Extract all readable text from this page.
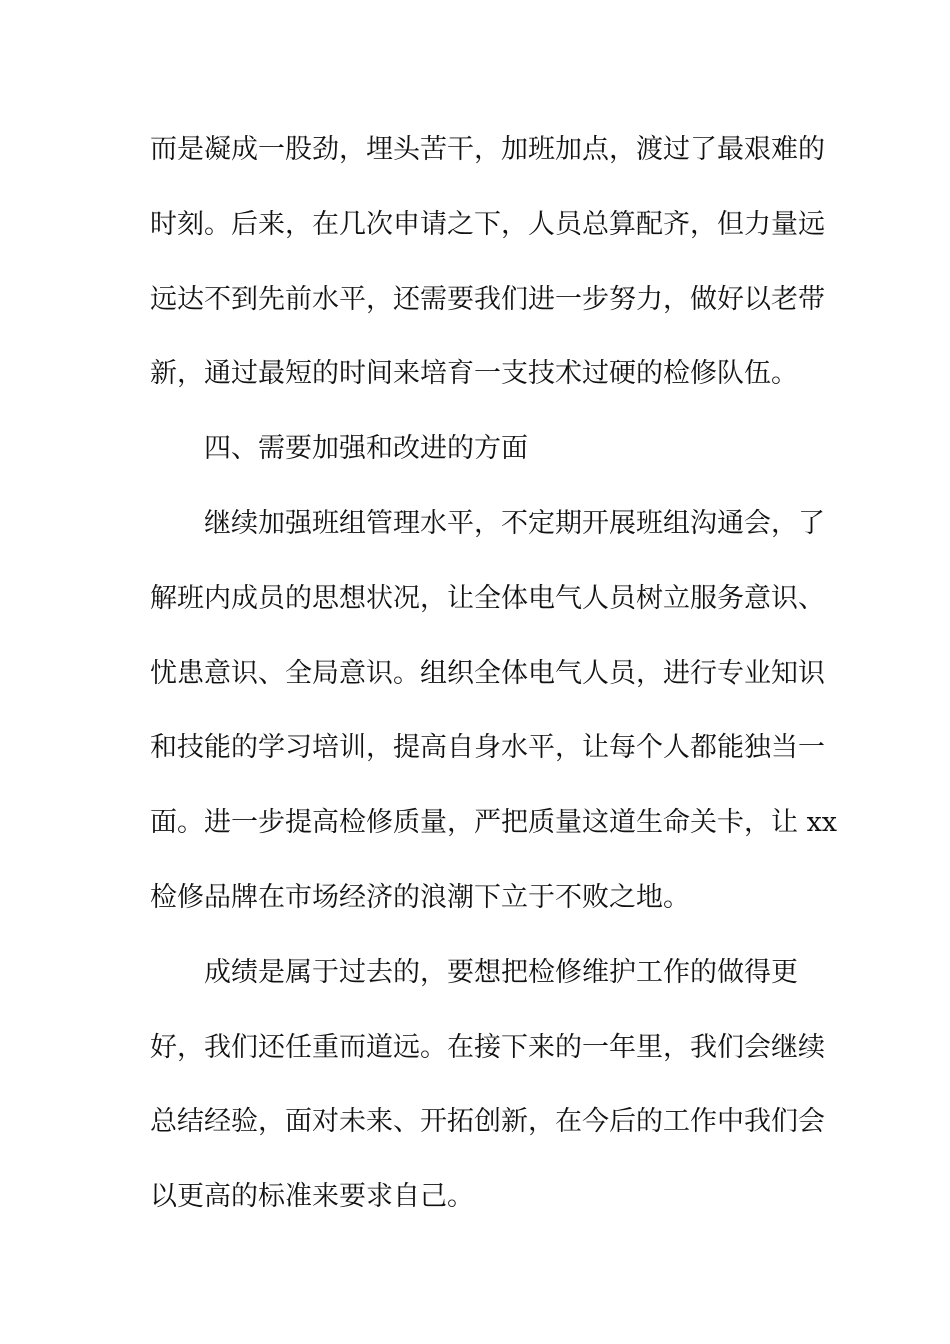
而是凝成一股劲，埋头苦干，加班加点，渡过了最艰难的
时刻。后来，在几次申请之下，人员总算配齐，但力量远
远达不到先前水平，还需要我们进一步努力，做好以老带
新，通过最短的时间来培育一支技术过硬的检修队伍。
四、需要加强和改进的方面
继续加强班组管理水平，不定期开展班组沟通会，了
解班内成员的思想状况，让全体电气人员树立服务意识、
忧患意识、全局意识。组织全体电气人员，进行专业知识
和技能的学习培训，提高自身水平，让每个人都能独当一
面。进一步提高检修质量，严把质量这道生命关卡，让 xx
检修品牌在市场经济的浪潮下立于不败之地。
成绩是属于过去的，要想把检修维护工作的做得更
好，我们还任重而道远。在接下来的一年里，我们会继续
总结经验，面对未来、开拓创新，在今后的工作中我们会
以更高的标准来要求自己。
